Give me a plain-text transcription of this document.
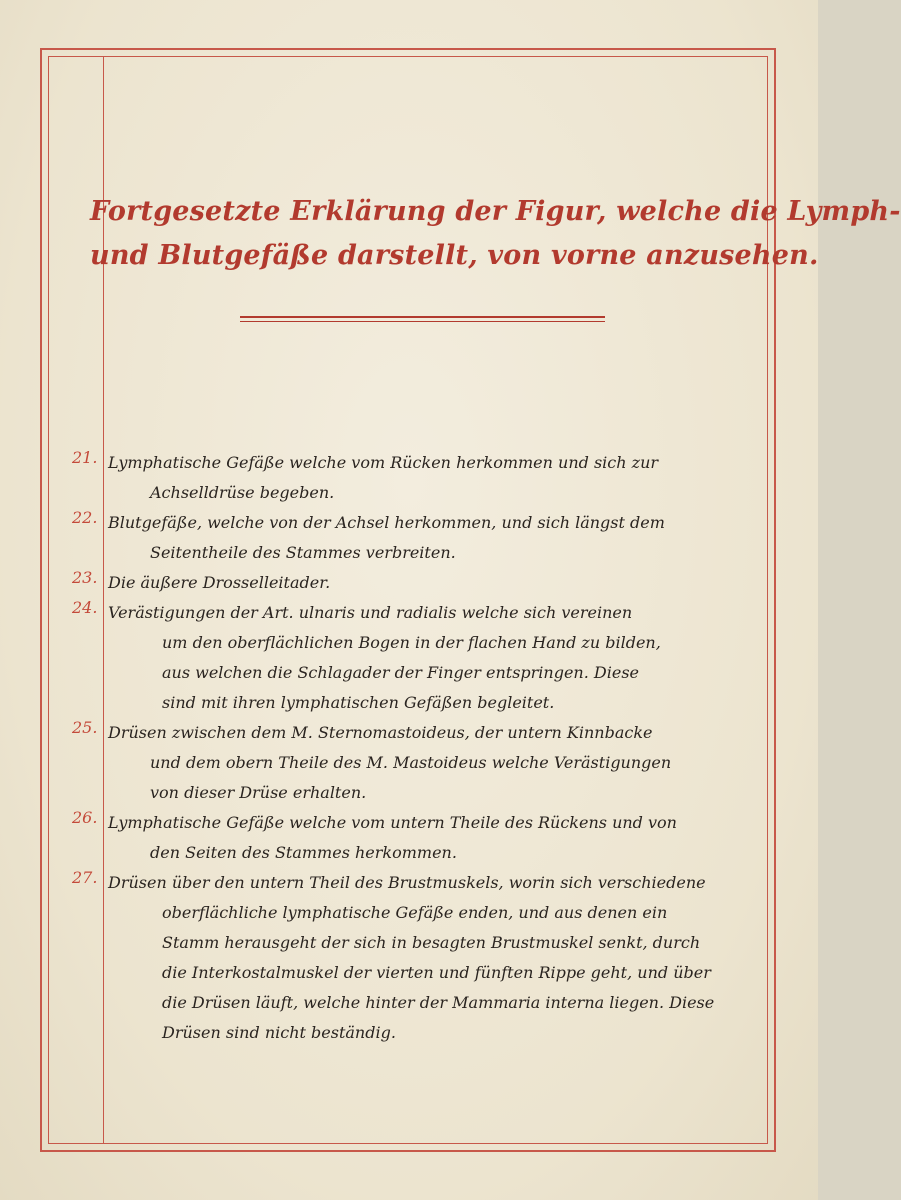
Fortgesetzte Erklärung der Figur, welche die Lymph-
und Blutgefäße darstellt, von vorne anzusehen.
21. Lymphatische Gefäße welche vom Rücken herkommen und sich zur
Achselldrüse begeben.
22. Blutgefäße, welche von der Achsel herkommen, und sich längst dem
Seitentheile des Stammes verbreiten.
23. Die äußere Drosselleitader.
24. Verästigungen der Art. ulnaris und radialis welche sich vereinen
um den oberflächlichen Bogen in der flachen Hand zu bilden,
aus welchen die Schlagader der Finger entspringen. Diese
sind mit ihren lymphatischen Gefäßen begleitet.
25. Drüsen zwischen dem M. Sternomastoideus, der untern Kinnbacke
und dem obern Theile des M. Mastoideus welche Verästigungen
von dieser Drüse erhalten.
26. Lymphatische Gefäße welche vom untern Theile des Rückens und von
den Seiten des Stammes herkommen.
27. Drüsen über den untern Theil des Brustmuskels, worin sich verschiedene
oberflächliche lymphatische Gefäße enden, und aus denen ein
Stamm herausgeht der sich in besagten Brustmuskel senkt, durch
die Interkostalmuskel der vierten und fünften Rippe geht, und über
die Drüsen läuft, welche hinter der Mammaria interna liegen. Diese
Drüsen sind nicht beständig.
